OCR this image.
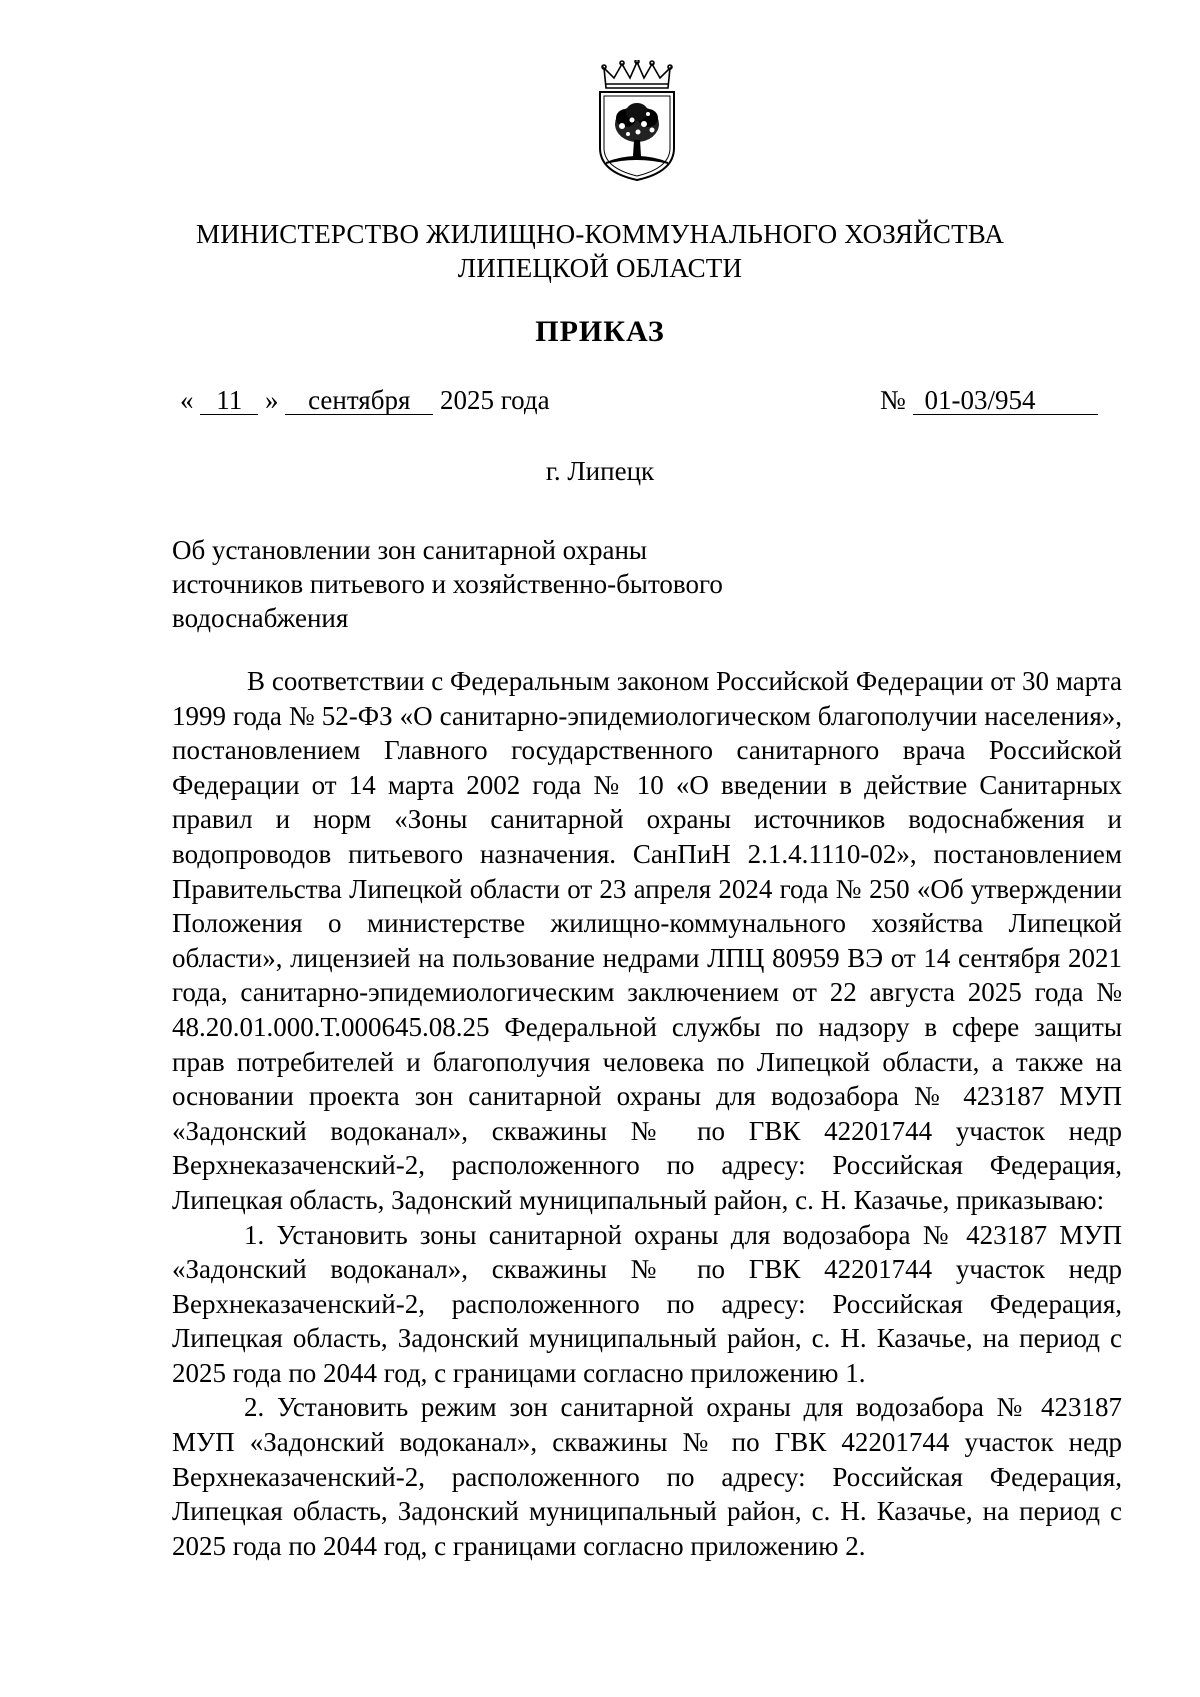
МИНИСТЕРСТВО ЖИЛИЩНО-КОММУНАЛЬНОГО ХОЗЯЙСТВА
ЛИПЕЦКОЙ ОБЛАСТИ
ПРИКАЗ
« 11 » сентября 2025 года	№ 01-03/954
г. Липецк
Об установлении зон санитарной охраны
источников питьевого и хозяйственно-бытового
водоснабжения

В соответствии с Федеральным законом Российской Федерации от 30 марта 1999 года № 52-ФЗ «О санитарно-эпидемиологическом благополучии населения», постановлением Главного государственного санитарного врача Российской Федерации от 14 марта 2002 года № 10 «О введении в действие Санитарных правил и норм «Зоны санитарной охраны источников водоснабжения и водопроводов питьевого назначения. СанПиН 2.1.4.1110-02», постановлением Правительства Липецкой области от 23 апреля 2024 года № 250 «Об утверждении Положения о министерстве жилищно-коммунального хозяйства Липецкой области», лицензией на пользование недрами ЛПЦ 80959 ВЭ от 14 сентября 2021 года, санитарно-эпидемиологическим заключением от 22 августа 2025 года № 48.20.01.000.Т.000645.08.25 Федеральной службы по надзору в сфере защиты прав потребителей и благополучия человека по Липецкой области, а также на основании проекта зон санитарной охраны для водозабора № 423187 МУП «Задонский водоканал», скважины № по ГВК 42201744 участок недр Верхнеказаченский-2, расположенного по адресу: Российская Федерация, Липецкая область, Задонский муниципальный район, с. Н. Казачье, приказываю:

1. Установить зоны санитарной охраны для водозабора № 423187 МУП «Задонский водоканал», скважины № по ГВК 42201744 участок недр Верхнеказаченский-2, расположенного по адресу: Российская Федерация, Липецкая область, Задонский муниципальный район, с. Н. Казачье, на период с 2025 года по 2044 год, с границами согласно приложению 1.

2. Установить режим зон санитарной охраны для водозабора № 423187 МУП «Задонский водоканал», скважины № по ГВК 42201744 участок недр Верхнеказаченский-2, расположенного по адресу: Российская Федерация, Липецкая область, Задонский муниципальный район, с. Н. Казачье, на период с 2025 года по 2044 год, с границами согласно приложению 2.
